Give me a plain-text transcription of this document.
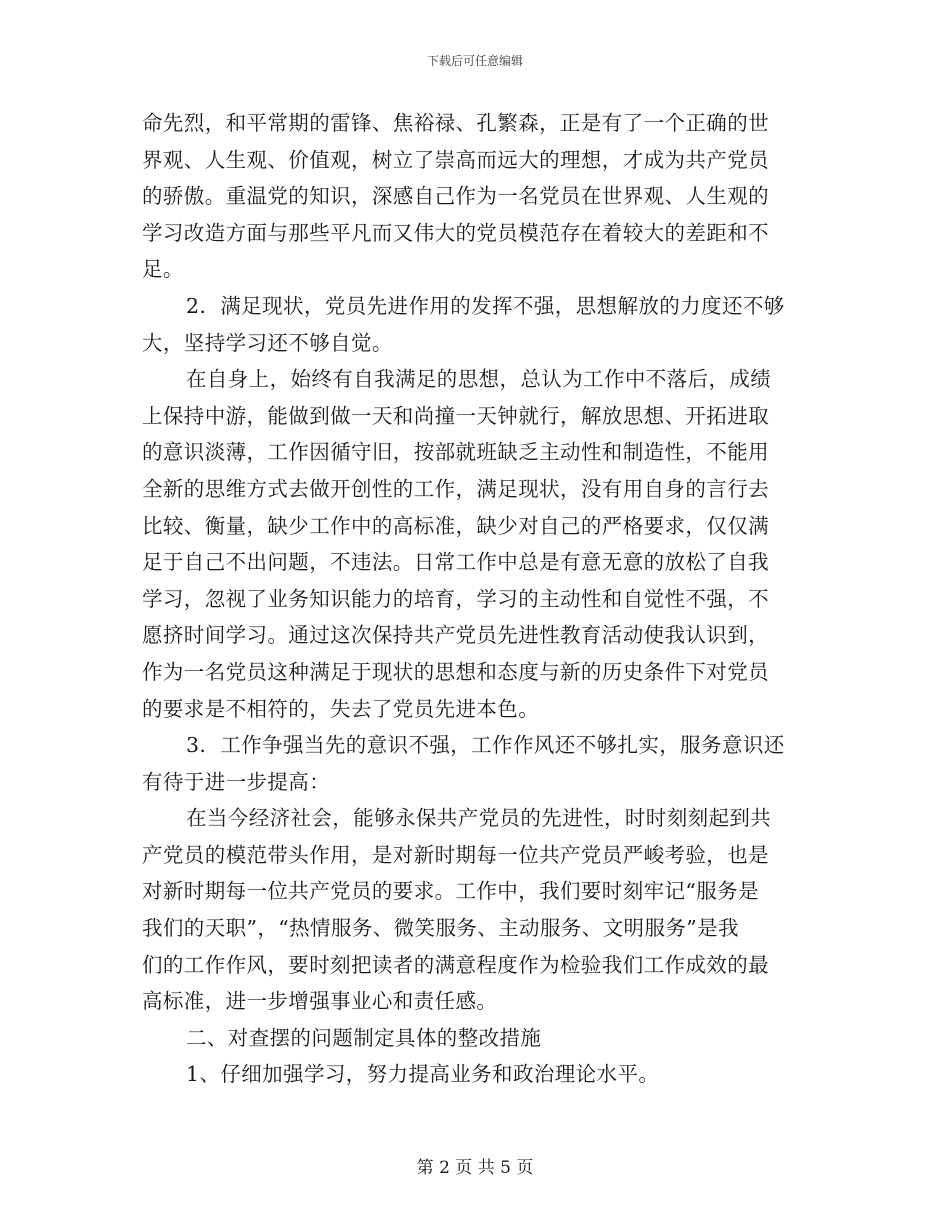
下载后可任意编辑
命先烈，和平常期的雷锋、焦裕禄、孔繁森，正是有了一个正确的世
界观、人生观、价值观，树立了崇高而远大的理想，才成为共产党员
的骄傲。重温党的知识，深感自己作为一名党员在世界观、人生观的
学习改造方面与那些平凡而又伟大的党员模范存在着较大的差距和不
足。
2．满足现状，党员先进作用的发挥不强，思想解放的力度还不够
大，坚持学习还不够自觉。
在自身上，始终有自我满足的思想，总认为工作中不落后，成绩
上保持中游，能做到做一天和尚撞一天钟就行，解放思想、开拓进取
的意识淡薄，工作因循守旧，按部就班缺乏主动性和制造性，不能用
全新的思维方式去做开创性的工作，满足现状，没有用自身的言行去
比较、衡量，缺少工作中的高标准，缺少对自己的严格要求，仅仅满
足于自己不出问题，不违法。日常工作中总是有意无意的放松了自我
学习，忽视了业务知识能力的培育，学习的主动性和自觉性不强，不
愿挤时间学习。通过这次保持共产党员先进性教育活动使我认识到，
作为一名党员这种满足于现状的思想和态度与新的历史条件下对党员
的要求是不相符的，失去了党员先进本色。
3．工作争强当先的意识不强，工作作风还不够扎实，服务意识还
有待于进一步提高：
在当今经济社会，能够永保共产党员的先进性，时时刻刻起到共
产党员的模范带头作用，是对新时期每一位共产党员严峻考验，也是
对新时期每一位共产党员的要求。工作中，我们要时刻牢记“服务是
我们的天职”，“热情服务、微笑服务、主动服务、文明服务”是我
们的工作作风，要时刻把读者的满意程度作为检验我们工作成效的最
高标准，进一步增强事业心和责任感。
二、对查摆的问题制定具体的整改措施
1、仔细加强学习，努力提高业务和政治理论水平。
第 2 页 共 5 页
